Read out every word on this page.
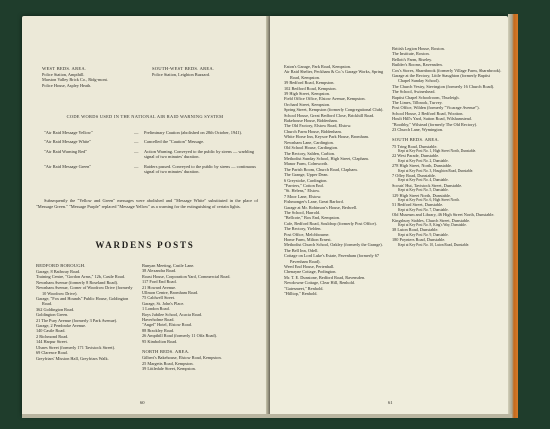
WEST BEDS. AREA.
Police Station, Ampthill.
Marston Valley Brick Co., Ridg-mont.
Police House, Aspley Heath.
SOUTH-WEST BEDS. AREA.
Police Station, Leighton Buzzard.
CODE WORDS USED IN THE NATIONAL AIR RAID WARNING SYSTEM
"Air Raid Message Yellow"	—	Preliminary Caution (abolished on 28th October, 1941).
"Air Raid Message White"	—	Cancelled the "Caution" Message.
"Air Raid Warning Red"	—	Action Warning. Conveyed to the public by sirens — warbling signal of two minutes' duration.
"Air Raid Message Green"	—	Raiders passed. Conveyed to the public by sirens — continuous signal of two minutes' duration.
Subsequently the "Yellow and Green" messages were abolished and "Message White" substituted in the place of "Message Green." "Message Purple" replaced "Message Yellow" as a warning for the extinguishing of certain lights.
WARDENS POSTS
BEDFORD BOROUGH.
Garage, 8 Bathway Road.
Training Centre, "Gordon Arms," 12b, Castle Road.
Newnham Avenue (formerly 8 Roseland Road).
Newnham Avenue, Corner of Woodrow Drive (formerly 10 Woodrow Drive).
Garage, "Fox and Hounds" Public House, Goldington Road.
362 Goldington Road.
Goldington Green.
21 The Pury Avenue (formerly 3 Park Avenue).
Garage, 2 Pembroke Avenue.
140 Castle Road.
2 Richmond Road.
144 Harpur Street.
Ulsnes Street (formerly 171 Tavistock Street).
69 Clarence Road.
Greyfriars' Mission Hall, Greyfriars Walk.
Bunyan Meeting, Castle Lane.
38 Alexandra Road.
Roast House, Corporation Yard, Commercial Road.
117 Ford End Road.
21 Howard Avenue.
Ullmon Centre, Bromham Road.
75 Caldwell Street.
Garage, St. John's Place.
1 London Road.
Boys Jubilee School, Acacia Road.
Haverholme Road.
"Angel" Hotel, Elstow Road.
88 Brackley Road.
26 Ampthill Road (formerly 11 Offa Road).
95 Kimbolton Road.
NORTH BEDS. AREA.
Gilbert's Bakehouse, Elstow Road, Kempston.
25 Margetts Road, Kempston.
39 Littledale Street, Kempston.
60
Eaton's Garage, Park Road, Kempston.
Air Raid Shelter, Peckham & Co.'s Garage Works, Spring Road, Kempston.
39 Bedford Road, Kempston.
102 Bedford Road, Kempston.
39 High Street, Kempston.
Field Office Office, Elstow Avenue, Kempston.
Orchard Street, Kempston.
Spring Street, Kempston (formerly Congregational Club).
School House, Great Bedford Close, Brickhill Road.
Bakehouse House, Biddenham.
The Old Factory, Elstow Road, Elstow.
Church Farm House, Biddenham.
White Horse Inn, Keysoe Park House, Bromham.
Newnham Lane, Cardington.
Old School House, Cardington.
The Rectory, Salden, Carlton.
Methodist Sunday School, High Street, Clapham.
Manor Farm, Colmworth.
The Parish Room, Church Road, Clapham.
The Grange, Upper Dean.
6 Greystoke, Cardington.
"Farriers," Cotton End.
"St. Helens," Elstow.
7 Moor Lane, Elstow.
Fishmonger's Lane, Great Barford.
Garage at Mr. Robinson's House, Bedwell.
The School, Harrold.
"Bellcote," Box End, Kempston.
Cafe, Bedford Road, Souldrop (formerly Post Office).
The Rectory, Yielden.
Post Office, Melchbourne.
Home Farm, Milton Ernest.
Methodist Church School, Oakley (formerly the Grange).
The Bell Inn, Odell.
Cottage on Lord Luke's Estate, Pavenham (formerly 67 Pavenham Road).
Weed End House, Pertenhall.
Chenayne Cottage, Podington.
Mr. T. E. Dunstone, Bedford Road, Ravensden.
Newdowne Cottage, Clear Hill, Renhold.
"Gatesmeet," Renhold.
"Hilltop," Renhold.
British Legion House, Roxton.
The Institute, Roxton.
Bellott's Farm, Riseley.
Builder's Rooms, Ravensden.
Cox's Stores, Sharnbrook (formerly Village Farm, Sharnbrook).
Garage at the Rectory, Little Staughton (formerly Baptist Chapel Sunday School).
The Church Vestry, Stevington (formerly 16 Church Road).
The School, Swineshead.
Baptist Chapel Schoolroom, Thurleigh.
The Limes, Tilbrook, Turvey.
Post Office, Wilden (formerly "Vicarage Avenue").
School House, 2 Bedford Road, Wootton.
Hoult Hill's Yard, Sutton Road, Wilshamstead.
"Boothby," Wilstead (formerly The Old Rectory).
23 Church Lane, Wymington.
SOUTH BEDS. AREA.
75 Tring Road, Dunstable.
Kept at Key Post No. 1, High Street North, Dunstable.
22 West Parade, Dunstable.
Kept at Key Post No. 2, Dunstable.
278 High Street, North, Dunstable.
Kept at Key Post No. 3, Houghton Road, Dunstable.
7 Ofley Road, Dunstable.
Kept at Key Post No. 4, Dunstable.
Scouts' Hut, Tavistock Street, Dunstable.
Kept at Key Post No. 5, Dunstable.
129 High Street North, Dunstable.
Kept at Key Post No. 6, High Street North.
51 Bedford Street, Dunstable.
Kept at Key Post No. 7, Dunstable.
Old Museum and Library, 46 High Street North, Dunstable.
Kingsbury Stables, Church Street, Dunstable.
Kept at Key Post No. 8, King's Way, Dunstable.
38 Luton Road, Dunstable.
Kept at Key Post No. 9, Dunstable.
180 Poynters Road, Dunstable.
Kept at Key Post No. 10, Luton Road, Dunstable.
61
